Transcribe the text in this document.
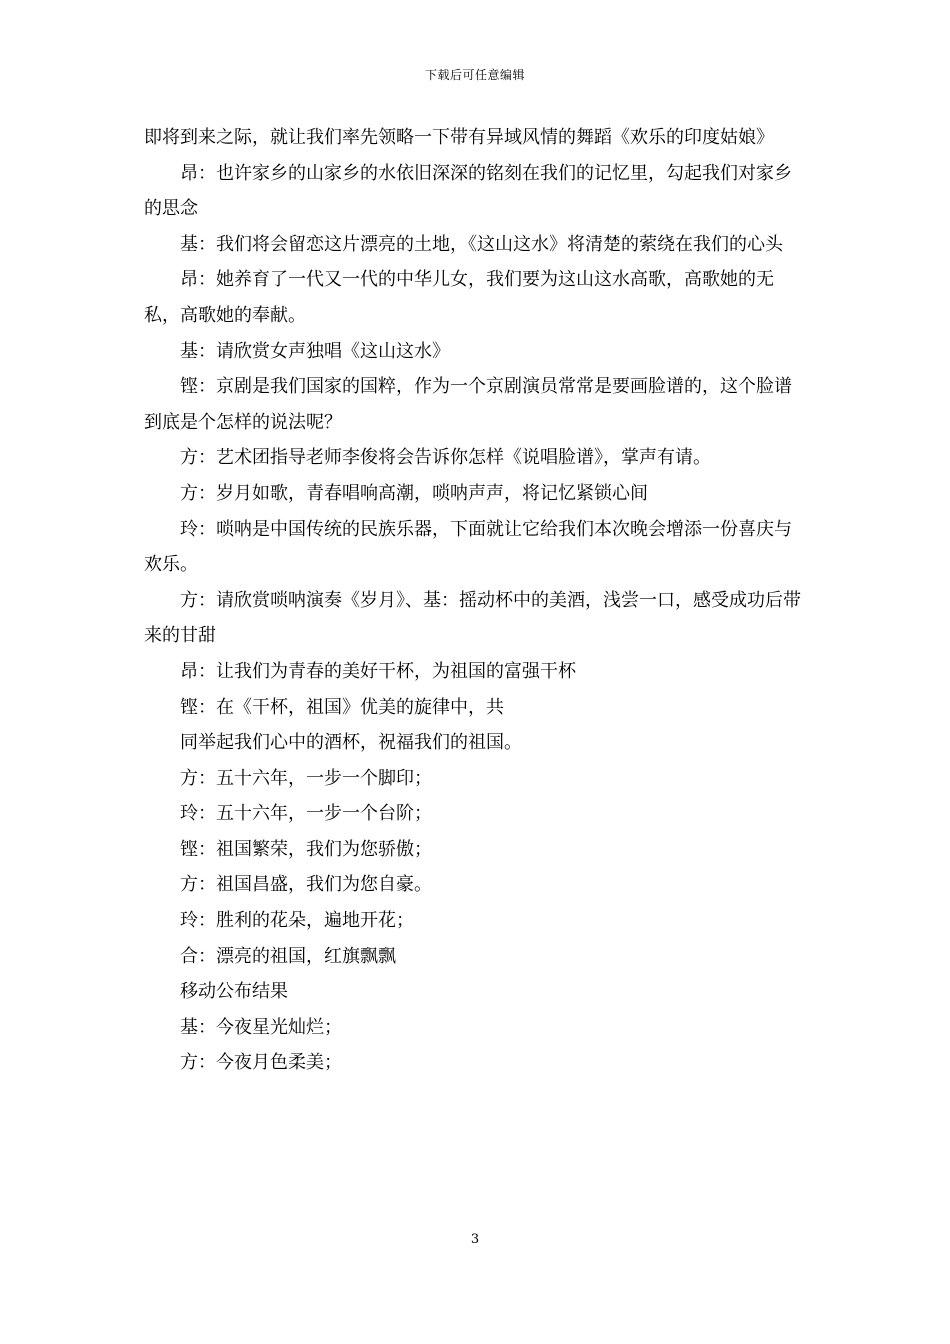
下载后可任意编辑

即将到来之际，就让我们率先领略一下带有异域风情的舞蹈《欢乐的印度姑娘》

昂：也许家乡的山家乡的水依旧深深的铭刻在我们的记忆里，勾起我们对家乡的思念

基：我们将会留恋这片漂亮的土地，《这山这水》将清楚的萦绕在我们的心头

昂：她养育了一代又一代的中华儿女，我们要为这山这水高歌，高歌她的无私，高歌她的奉献。

基：请欣赏女声独唱《这山这水》

铿：京剧是我们国家的国粹，作为一个京剧演员常常是要画脸谱的，这个脸谱到底是个怎样的说法呢？

方：艺术团指导老师李俊将会告诉你怎样《说唱脸谱》，掌声有请。

方：岁月如歌，青春唱响高潮，唢呐声声，将记忆紧锁心间

玲：唢呐是中国传统的民族乐器，下面就让它给我们本次晚会增添一份喜庆与欢乐。

方：请欣赏唢呐演奏《岁月》、基：摇动杯中的美酒，浅尝一口，感受成功后带来的甘甜

昂：让我们为青春的美好干杯，为祖国的富强干杯

铿：在《干杯，祖国》优美的旋律中，共

同举起我们心中的酒杯，祝福我们的祖国。

方：五十六年，一步一个脚印；

玲：五十六年，一步一个台阶；

铿：祖国繁荣，我们为您骄傲；

方：祖国昌盛，我们为您自豪。

玲：胜利的花朵，遍地开花；

合：漂亮的祖国，红旗飘飘

移动公布结果

基：今夜星光灿烂；

方：今夜月色柔美；

3
